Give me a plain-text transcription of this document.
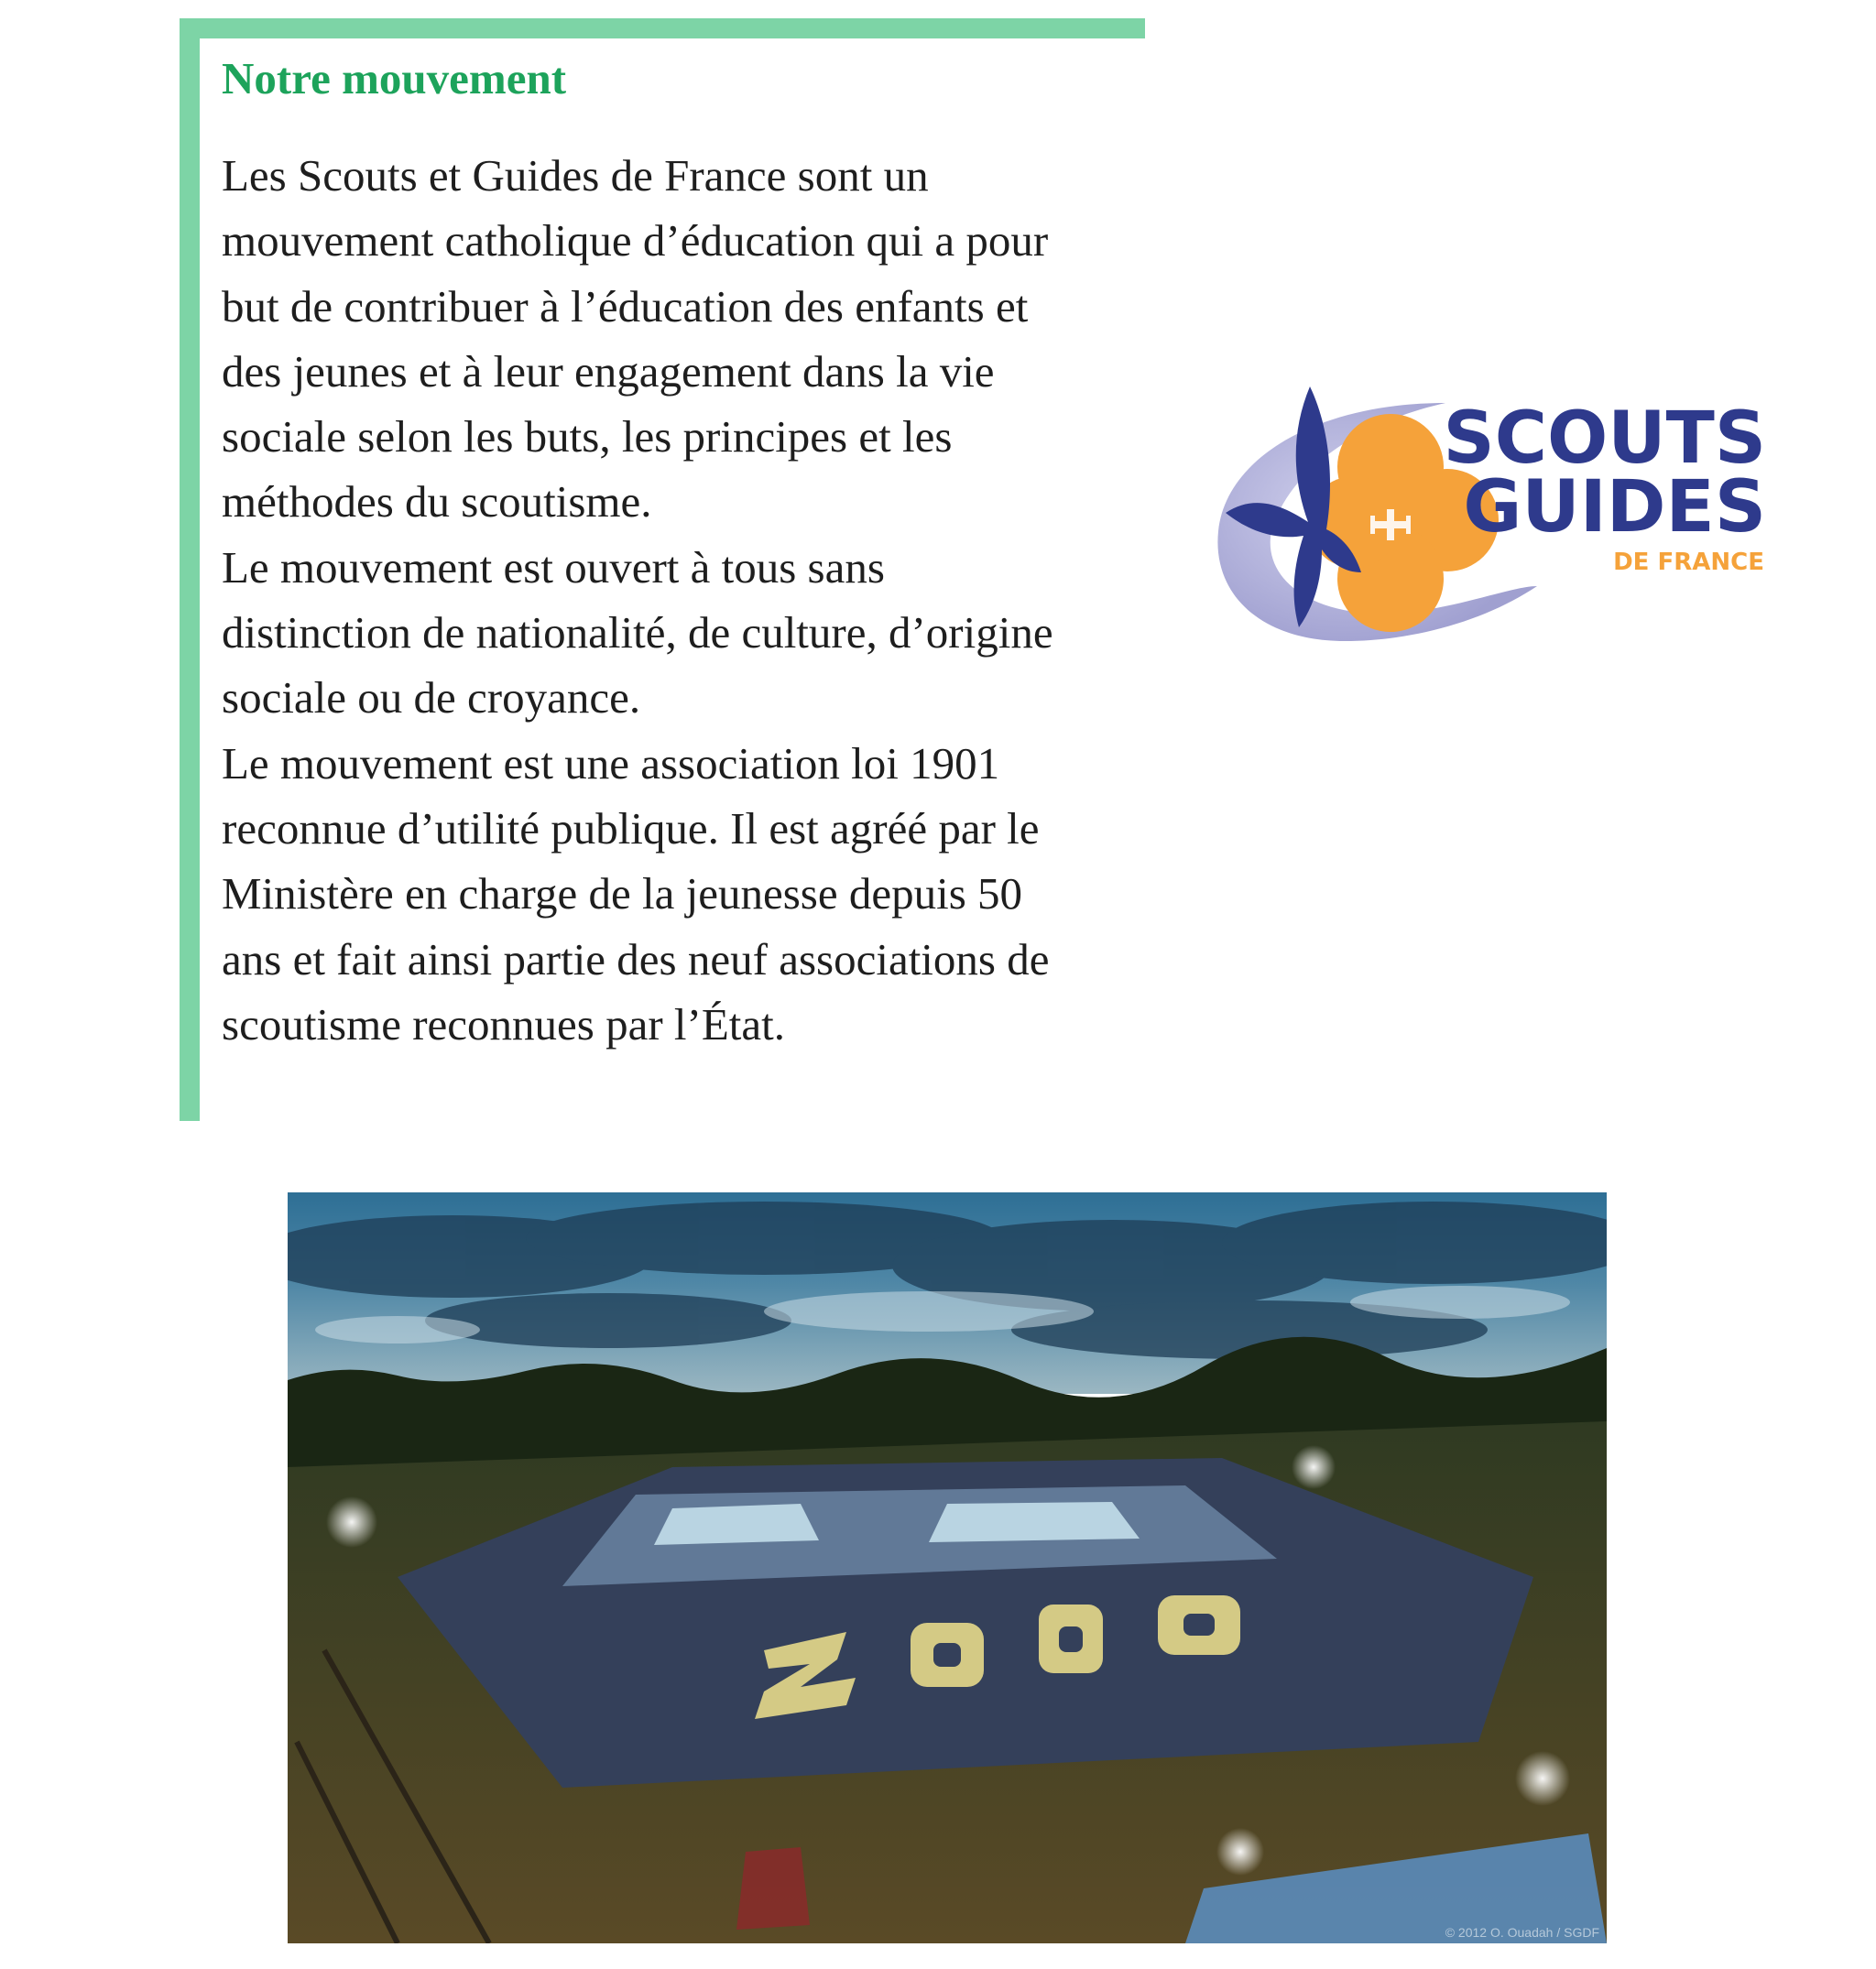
Notre mouvement
Les Scouts et Guides de France sont un
mouvement catholique d’éducation qui a pour
but de contribuer à l’éducation des enfants et
des jeunes et à leur engagement dans la vie
sociale selon les buts, les principes et les
méthodes du scoutisme.
Le mouvement est ouvert à tous sans
distinction de nationalité, de culture, d’origine
sociale ou de croyance.
Le mouvement est une association loi 1901
reconnue d’utilité publique. Il est agréé par le
Ministère en charge de la jeunesse depuis 50
ans et fait ainsi partie des neuf associations de
scoutisme reconnues par l’État.
SCOUTS
GUIDES
DE FRANCE
© 2012 O. Ouadah / SGDF
